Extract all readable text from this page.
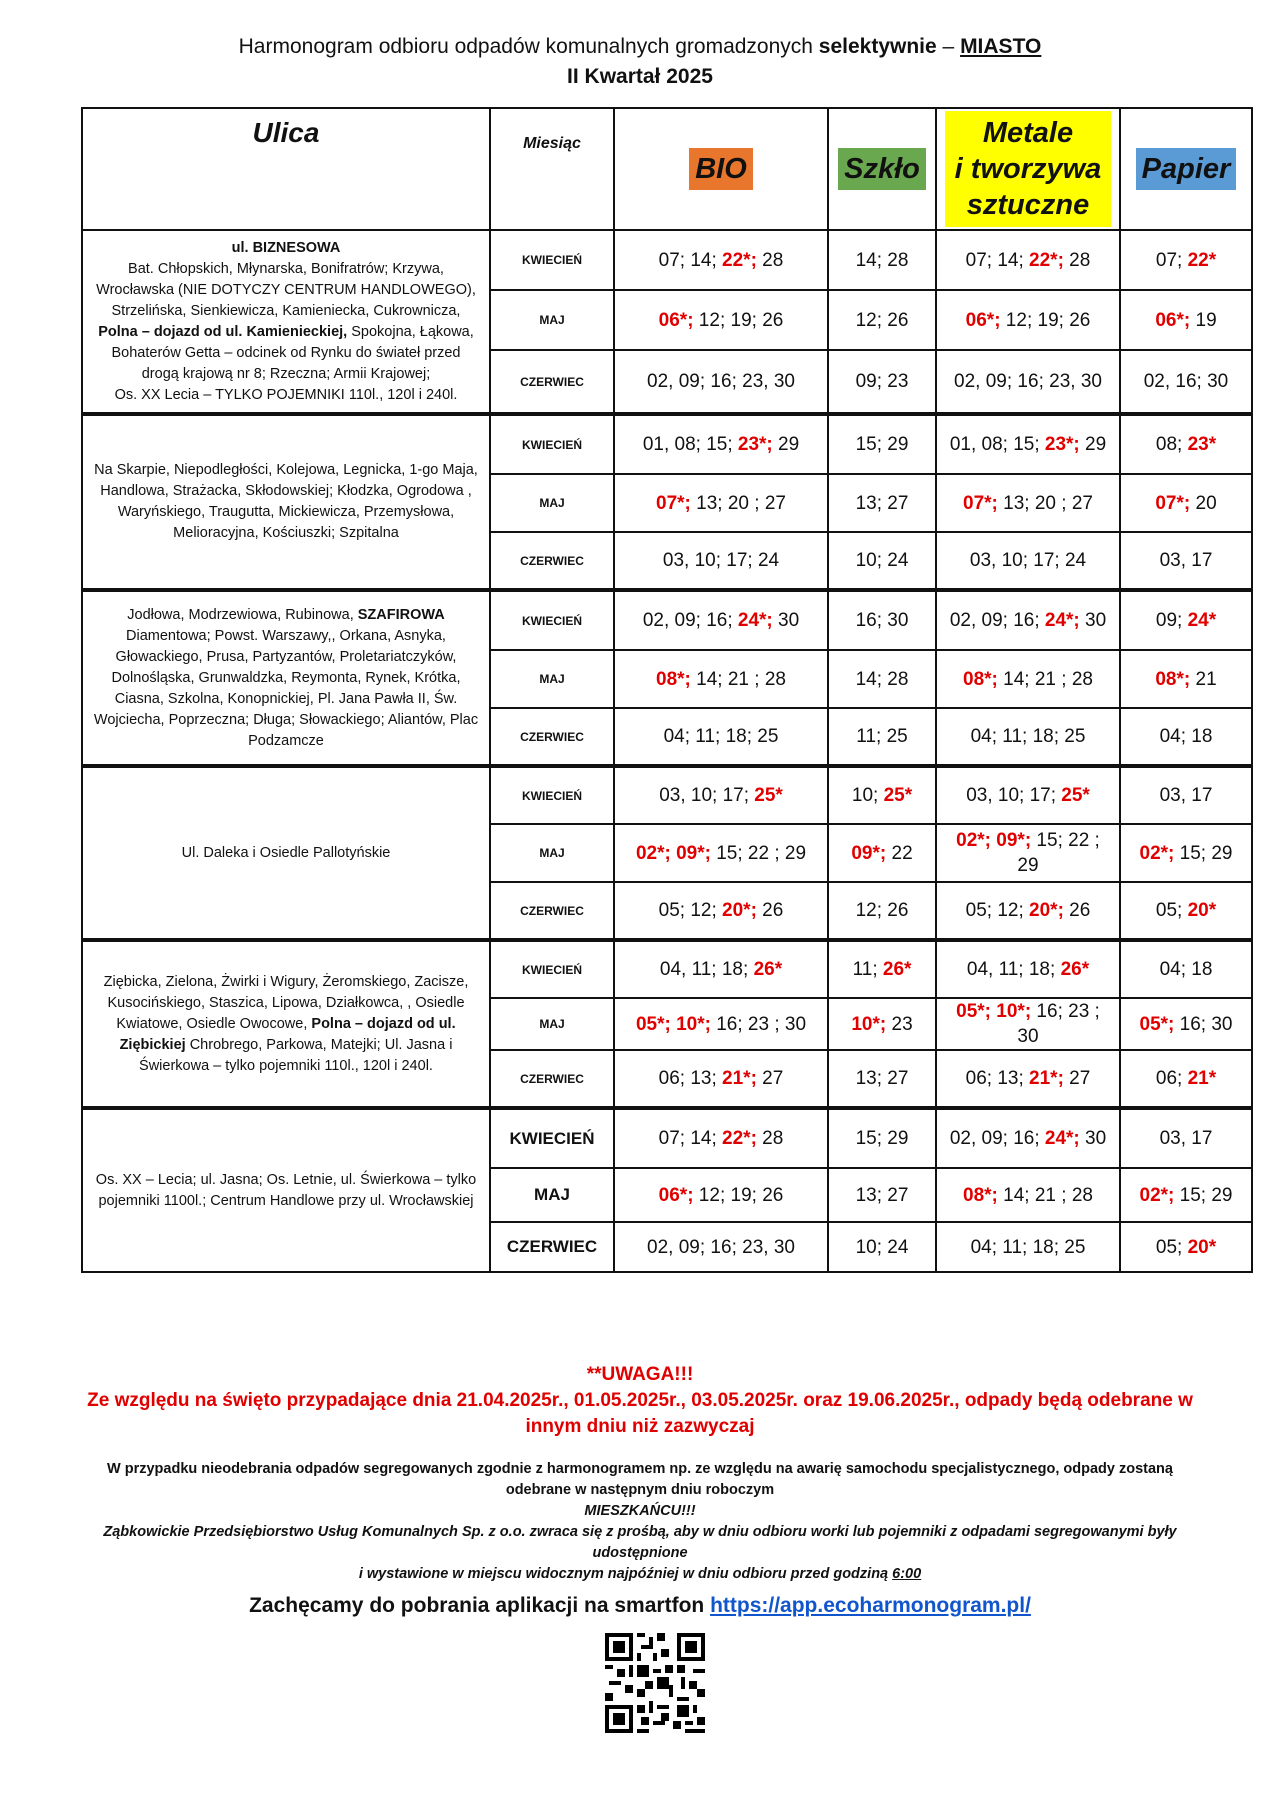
Harmonogram odbioru odpadów komunalnych gromadzonych selektywnie – MIASTO
II Kwartał 2025
Ulica	Miesiąc	BIO	Szkło	Metale
i tworzywa
sztuczne	Papier
ul. BIZNESOWA
Bat. Chłopskich, Młynarska, Bonifratrów; Krzywa, Wrocławska (NIE DOTYCZY CENTRUM HANDLOWEGO), Strzelińska, Sienkiewicza, Kamieniecka, Cukrownicza, Polna – dojazd od ul. Kamienieckiej, Spokojna, Łąkowa, Bohaterów Getta – odcinek od Rynku do świateł przed drogą krajową nr 8; Rzeczna; Armii Krajowej;
Os. XX Lecia – TYLKO POJEMNIKI 110l., 120l i 240l.	KWIECIEŃ	07; 14; 22*; 28	14; 28	07; 14; 22*; 28	07; 22*
	MAJ	06*; 12; 19; 26	12; 26	06*; 12; 19; 26	06*; 19
	CZERWIEC	02, 09; 16; 23, 30	09; 23	02, 09; 16; 23, 30	02, 16; 30
Na Skarpie, Niepodległości, Kolejowa, Legnicka, 1-go Maja, Handlowa, Strażacka, Skłodowskiej; Kłodzka, Ogrodowa , Waryńskiego, Traugutta, Mickiewicza, Przemysłowa, Melioracyjna, Kościuszki; Szpitalna	KWIECIEŃ	01, 08; 15; 23*; 29	15; 29	01, 08; 15; 23*; 29	08; 23*
	MAJ	07*; 13; 20 ; 27	13; 27	07*; 13; 20 ; 27	07*; 20
	CZERWIEC	03, 10; 17; 24	10; 24	03, 10; 17; 24	03, 17
Jodłowa, Modrzewiowa, Rubinowa, SZAFIROWA Diamentowa; Powst. Warszawy,, Orkana, Asnyka, Głowackiego, Prusa, Partyzantów, Proletariatczyków, Dolnośląska, Grunwaldzka, Reymonta, Rynek, Krótka, Ciasna, Szkolna, Konopnickiej, Pl. Jana Pawła II, Św. Wojciecha, Poprzeczna; Długa; Słowackiego; Aliantów, Plac Podzamcze	KWIECIEŃ	02, 09; 16; 24*; 30	16; 30	02, 09; 16; 24*; 30	09; 24*
	MAJ	08*; 14; 21 ; 28	14; 28	08*; 14; 21 ; 28	08*; 21
	CZERWIEC	04; 11; 18; 25	11; 25	04; 11; 18; 25	04; 18
Ul. Daleka i Osiedle Pallotyńskie	KWIECIEŃ	03, 10; 17; 25*	10; 25*	03, 10; 17; 25*	03, 17
	MAJ	02*; 09*; 15; 22 ; 29	09*; 22	02*; 09*; 15; 22 ; 29	02*; 15; 29
	CZERWIEC	05; 12; 20*; 26	12; 26	05; 12; 20*; 26	05; 20*
Ziębicka, Zielona, Żwirki i Wigury, Żeromskiego, Zacisze, Kusocińskiego, Staszica, Lipowa, Działkowca, , Osiedle Kwiatowe, Osiedle Owocowe, Polna – dojazd od ul. Ziębickiej Chrobrego, Parkowa, Matejki; Ul. Jasna i Świerkowa – tylko pojemniki 110l., 120l i 240l.	KWIECIEŃ	04, 11; 18; 26*	11; 26*	04, 11; 18; 26*	04; 18
	MAJ	05*; 10*; 16; 23 ; 30	10*; 23	05*; 10*; 16; 23 ; 30	05*; 16; 30
	CZERWIEC	06; 13; 21*; 27	13; 27	06; 13; 21*; 27	06; 21*
Os. XX – Lecia; ul. Jasna; Os. Letnie, ul. Świerkowa – tylko pojemniki 1100l.; Centrum Handlowe przy ul. Wrocławskiej	KWIECIEŃ	07; 14; 22*; 28	15; 29	02, 09; 16; 24*; 30	03, 17
	MAJ	06*; 12; 19; 26	13; 27	08*; 14; 21 ; 28	02*; 15; 29
	CZERWIEC	02, 09; 16; 23, 30	10; 24	04; 11; 18; 25	05; 20*
**UWAGA!!!
Ze względu na święto przypadające dnia 21.04.2025r., 01.05.2025r., 03.05.2025r. oraz 19.06.2025r., odpady będą odebrane w
innym dniu niż zazwyczaj
W przypadku nieodebrania odpadów segregowanych zgodnie z harmonogramem np. ze względu na awarię samochodu specjalistycznego, odpady zostaną
odebrane w następnym dniu roboczym
MIESZKAŃCU!!!
Ząbkowickie Przedsiębiorstwo Usług Komunalnych Sp. z o.o. zwraca się z prośbą, aby w dniu odbioru worki lub pojemniki z odpadami segregowanymi były
udostępnione
i wystawione w miejscu widocznym najpóźniej w dniu odbioru przed godziną 6:00
Zachęcamy do pobrania aplikacji na smartfon https://app.ecoharmonogram.pl/
